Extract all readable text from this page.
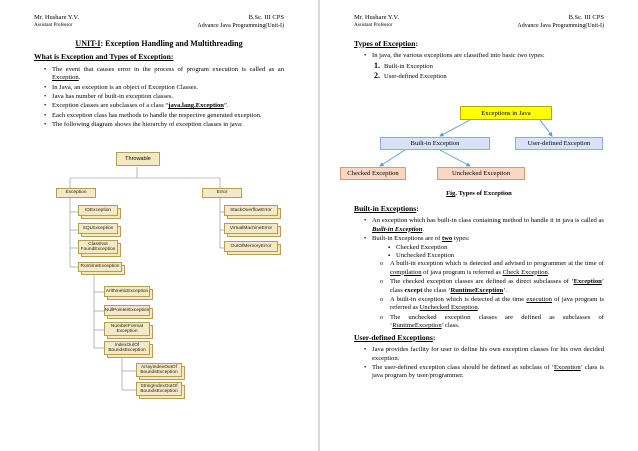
Mr. Hushare Y.V.	B.Sc. III CPS
Assistant Professor	Advance Java Programming(Unit-I)
UNIT-I: Exception Handling and Multithreading
What is Exception and Types of Exception:
• The event that causes error in the process of program execution is called as an Exception.
• In Java, an exception is an object of Exception Classes.
• Java has number of built-in exception classes.
• Exception classes are subclasses of a class “java.lang.Exception”.
• Each exception class has methods to handle the respective generated exception.
• The following diagram shows the hierarchy of exception classes in java:
Throwable
Exception	Error
IOException
SQLException
ClassNot
FoundException
RuntimeException
ArithmeticException
NullPointerException
NumberFormat
Exception
IndexOutOf
BoundsException
ArrayIndexOutOf
BoundsException
StringIndexOutOf
BoundsException
StackOverflowError
VirtualMachineError
OutOfMemoryError
Mr. Hushare Y.V.	B.Sc. III CPS
Assistant Professor	Advance Java Programming(Unit-I)
Types of Exception:
• In java, the various exceptions are classified into basic two types:
1. Built-in Exception
2. User-defined Exception
Exceptions in Java
Built-in Exception	User-defined Exception
Checked Exception	Unchecked Exception
Fig. Types of Exception
Built-in Exceptions:
• An exception which has built-in class containing method to handle it in java is called as Built-in Exception.
• Built-in Exceptions are of two types:
▪ Checked Exception
▪ Unchecked Exception
o A built-in exception which is detected and advised to programmer at the time of compilation of java program is referred as Check Exception.
o The checked exception classes are defined as direct subclasses of ‘Exception’ class except the class ‘RuntimeException’.
o A built-in exception which is detected at the time execution of java program is referred as Unchecked Exception.
o The unchecked exception classes are defined as subclasses of ‘RuntimeException’ class.
User-defined Exceptions:
• Java provides facility for user to define his own exception classes for his own decided exception.
• The user-defined exception class should be defined as subclass of ‘Exception’ class is java program by user/programmer.
